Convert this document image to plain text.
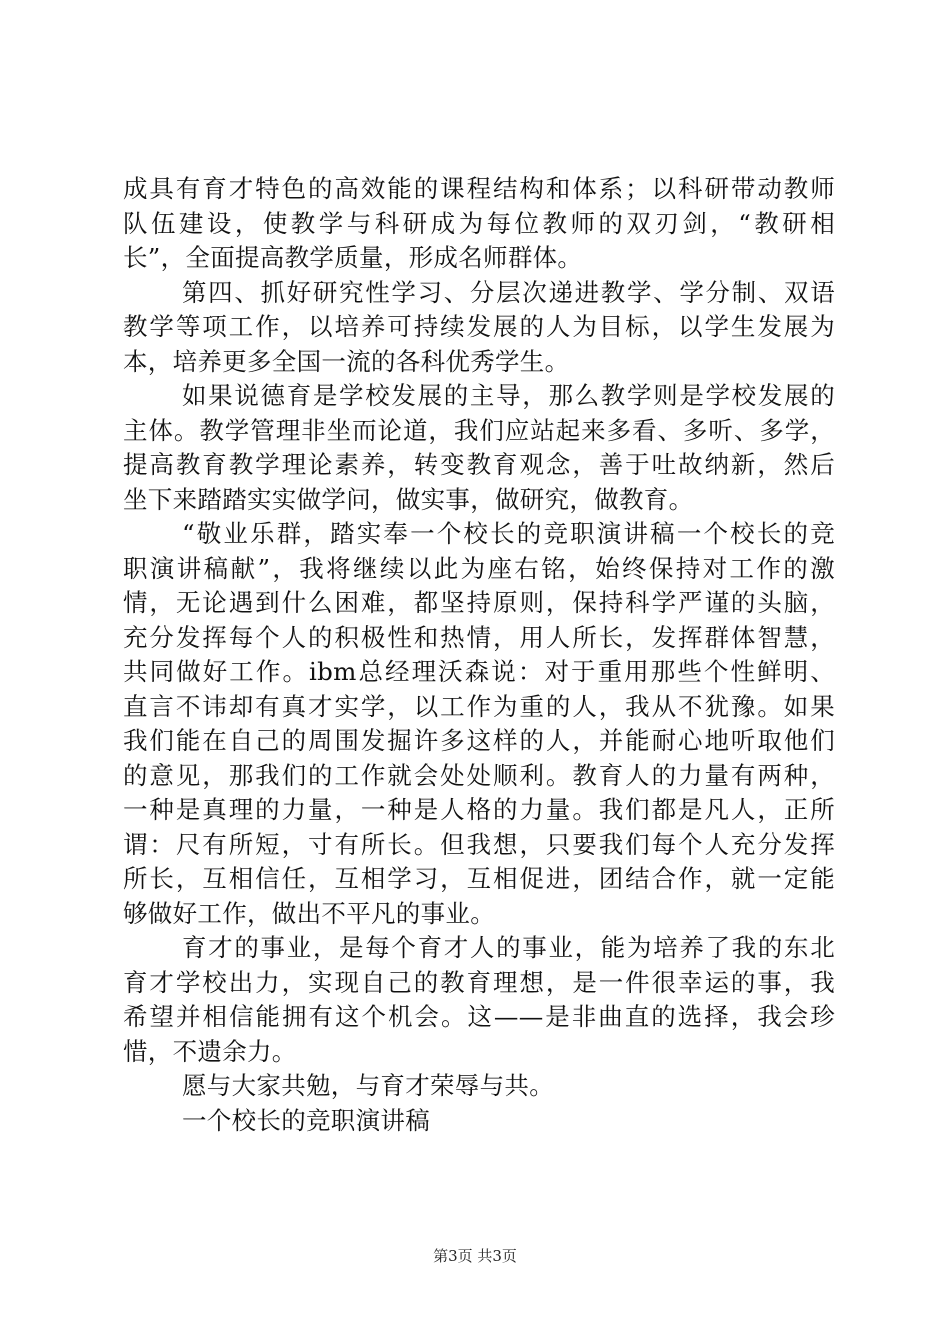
成具有育才特色的高效能的课程结构和体系；以科研带动教师
队伍建设，使教学与科研成为每位教师的双刃剑，“教研相
长”，全面提高教学质量，形成名师群体。
第四、抓好研究性学习、分层次递进教学、学分制、双语
教学等项工作，以培养可持续发展的人为目标，以学生发展为
本，培养更多全国一流的各科优秀学生。
如果说德育是学校发展的主导，那么教学则是学校发展的
主体。教学管理非坐而论道，我们应站起来多看、多听、多学，
提高教育教学理论素养，转变教育观念，善于吐故纳新，然后
坐下来踏踏实实做学问，做实事，做研究，做教育。
“敬业乐群，踏实奉一个校长的竞职演讲稿一个校长的竞
职演讲稿献”，我将继续以此为座右铭，始终保持对工作的激
情，无论遇到什么困难，都坚持原则，保持科学严谨的头脑，
充分发挥每个人的积极性和热情，用人所长，发挥群体智慧，
共同做好工作。ibm总经理沃森说：对于重用那些个性鲜明、
直言不讳却有真才实学，以工作为重的人，我从不犹豫。如果
我们能在自己的周围发掘许多这样的人，并能耐心地听取他们
的意见，那我们的工作就会处处顺利。教育人的力量有两种，
一种是真理的力量，一种是人格的力量。我们都是凡人，正所
谓：尺有所短，寸有所长。但我想，只要我们每个人充分发挥
所长，互相信任，互相学习，互相促进，团结合作，就一定能
够做好工作，做出不平凡的事业。
育才的事业，是每个育才人的事业，能为培养了我的东北
育才学校出力，实现自己的教育理想，是一件很幸运的事，我
希望并相信能拥有这个机会。这——是非曲直的选择，我会珍
惜，不遗余力。
愿与大家共勉，与育才荣辱与共。
一个校长的竞职演讲稿
第3页 共3页
